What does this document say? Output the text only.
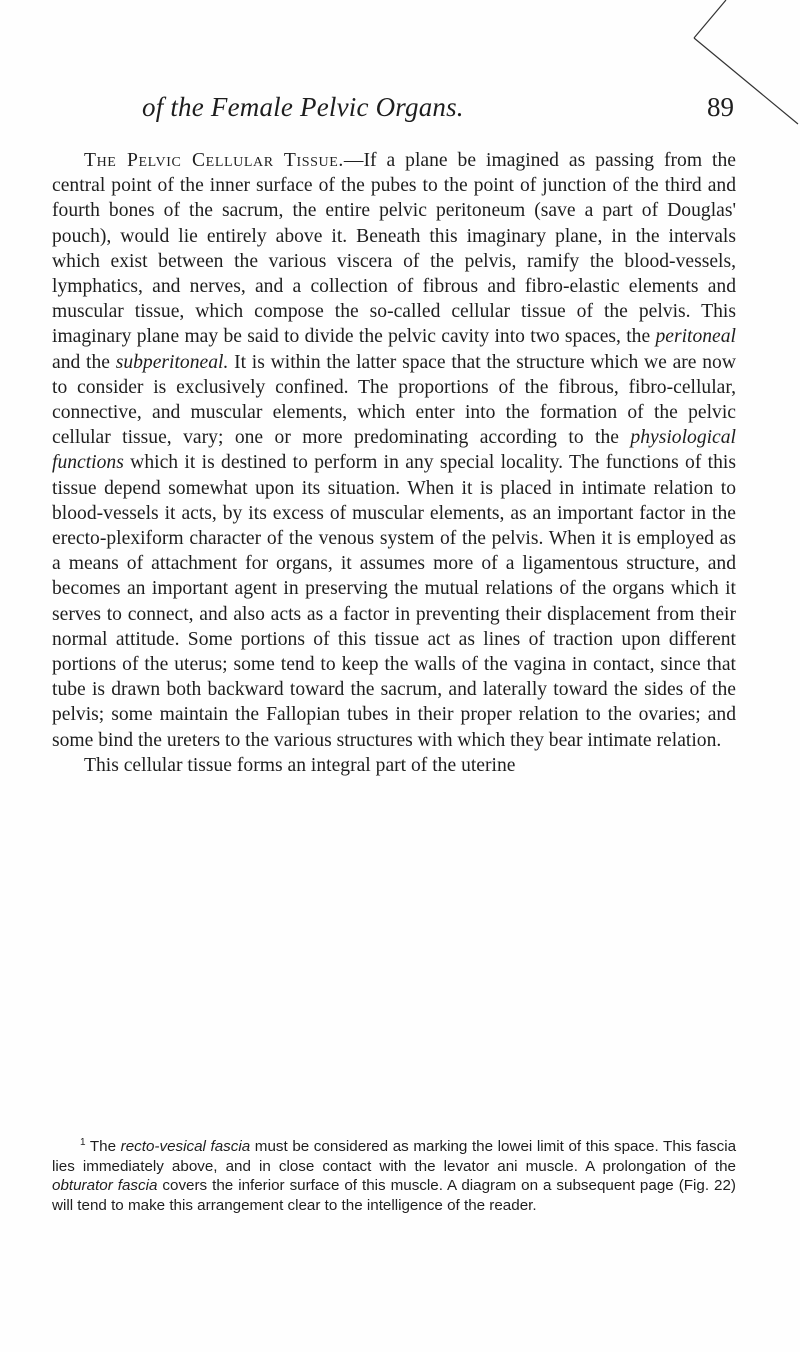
of the Female Pelvic Organs.	89

The Pelvic Cellular Tissue.—If a plane be imagined as passing from the central point of the inner surface of the pubes to the point of junction of the third and fourth bones of the sacrum, the entire pelvic peritoneum (save a part of Douglas' pouch), would lie entirely above it. Beneath this imaginary plane, in the intervals which exist between the various viscera of the pelvis, ramify the blood-vessels, lymphatics, and nerves, and a collection of fibrous and fibro-elastic elements and muscular tissue, which compose the so-called cellular tissue of the pelvis. This imaginary plane may be said to divide the pelvic cavity into two spaces, the peritoneal and the subperitoneal. It is within the latter space that the structure which we are now to consider is exclusively confined. The proportions of the fibrous, fibro-cellular, connective, and muscular elements, which enter into the formation of the pelvic cellular tissue, vary; one or more predominating according to the physiological functions which it is destined to perform in any special locality. The functions of this tissue depend somewhat upon its situation. When it is placed in intimate relation to blood-vessels it acts, by its excess of muscular elements, as an important factor in the erecto-plexiform character of the venous system of the pelvis. When it is employed as a means of attachment for organs, it assumes more of a ligamentous structure, and becomes an important agent in preserving the mutual relations of the organs which it serves to connect, and also acts as a factor in preventing their displacement from their normal attitude. Some portions of this tissue act as lines of traction upon different portions of the uterus; some tend to keep the walls of the vagina in contact, since that tube is drawn both backward toward the sacrum, and laterally toward the sides of the pelvis; some maintain the Fallopian tubes in their proper relation to the ovaries; and some bind the ureters to the various structures with which they bear intimate relation.

This cellular tissue forms an integral part of the uterine

$^1$ The recto-vesical fascia must be considered as marking the lowei limit of this space. This fascia lies immediately above, and in close contact with the levator ani muscle. A prolongation of the obturator fascia covers the inferior surface of this muscle. A diagram on a subsequent page (Fig. 22) will tend to make this arrangement clear to the intelligence of the reader.
